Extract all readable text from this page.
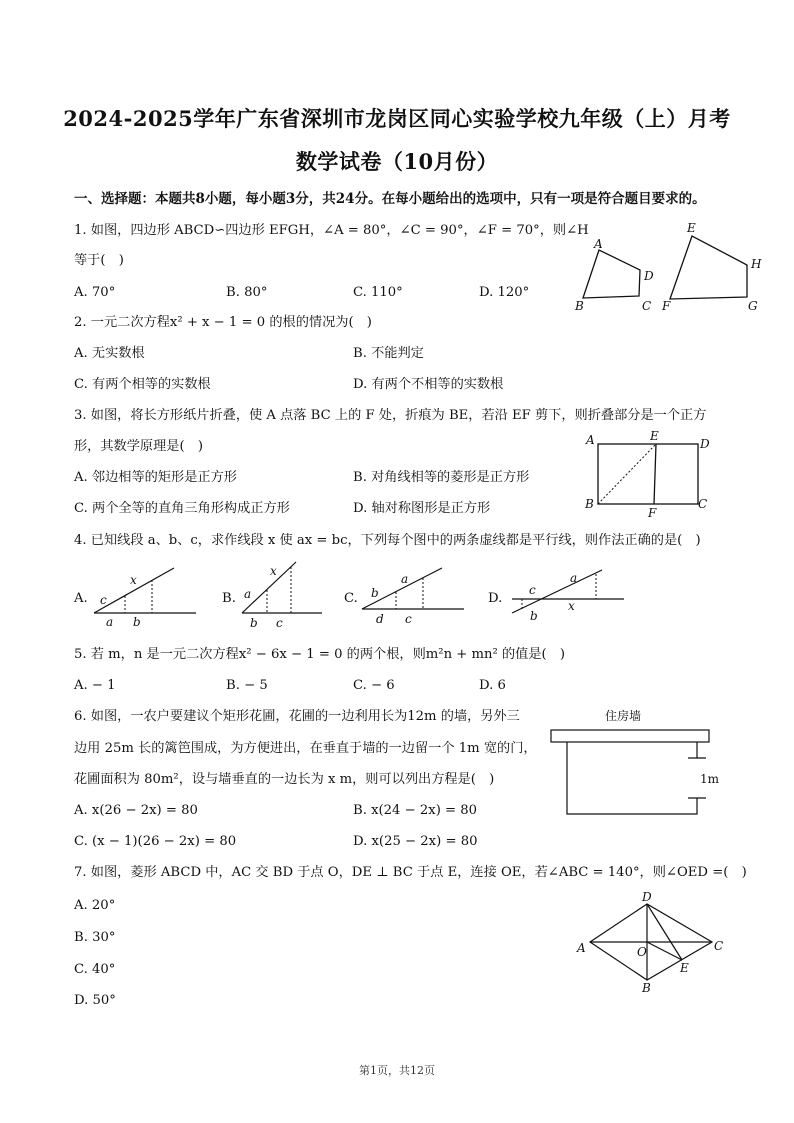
2024-2025学年广东省深圳市龙岗区同心实验学校九年级（上）月考
数学试卷（10月份）
一、选择题：本题共8小题，每小题3分，共24分。在每小题给出的选项中，只有一项是符合题目要求的。
1. 如图，四边形 ABCD∽四边形 EFGH，∠A = 80°，∠C = 90°，∠F = 70°，则∠H
等于(　)
A. 70°	B. 80°	C. 110°	D. 120°
A
B	C
D
E
F	G
H
2. 一元二次方程x² + x − 1 = 0 的根的情况为(　)
A. 无实数根	B. 不能判定
C. 有两个相等的实数根	D. 有两个不相等的实数根
3. 如图，将长方形纸片折叠，使 A 点落 BC 上的 F 处，折痕为 BE，若沿 EF 剪下，则折叠部分是一个正方
形，其数学原理是(　)
A. 邻边相等的矩形是正方形	B. 对角线相等的菱形是正方形
C. 两个全等的直角三角形构成正方形	D. 轴对称图形是正方形
A	E
D
B
F
C
4. 已知线段 a、b、c，求作线段 x 使 ax = bc，下列每个图中的两条虚线都是平行线，则作法正确的是(　)
A.
x
c
a b
B.
x
a
b c
C.
a
b
d c
D.
c
a
b
x
5. 若 m，n 是一元二次方程x² − 6x − 1 = 0 的两个根，则m²n + mn² 的值是(　)
A. − 1	B. − 5	C. − 6	D. 6
6. 如图，一农户要建议个矩形花圃，花圃的一边利用长为12m 的墙，另外三
边用 25m 长的篱笆围成，为方便进出，在垂直于墙的一边留一个 1m 宽的门，
花圃面积为 80m²，设与墙垂直的一边长为 x m，则可以列出方程是(　)
A. x(26 − 2x) = 80	B. x(24 − 2x) = 80
C. (x − 1)(26 − 2x) = 80	D. x(25 − 2x) = 80
住房墙
1m
7. 如图，菱形 ABCD 中，AC 交 BD 于点 O，DE ⊥ BC 于点 E，连接 OE，若∠ABC = 140°，则∠OED =(　)
A. 20°
B. 30°
C. 40°
D. 50°
D
A	O	C
E
B
第1页，共12页
